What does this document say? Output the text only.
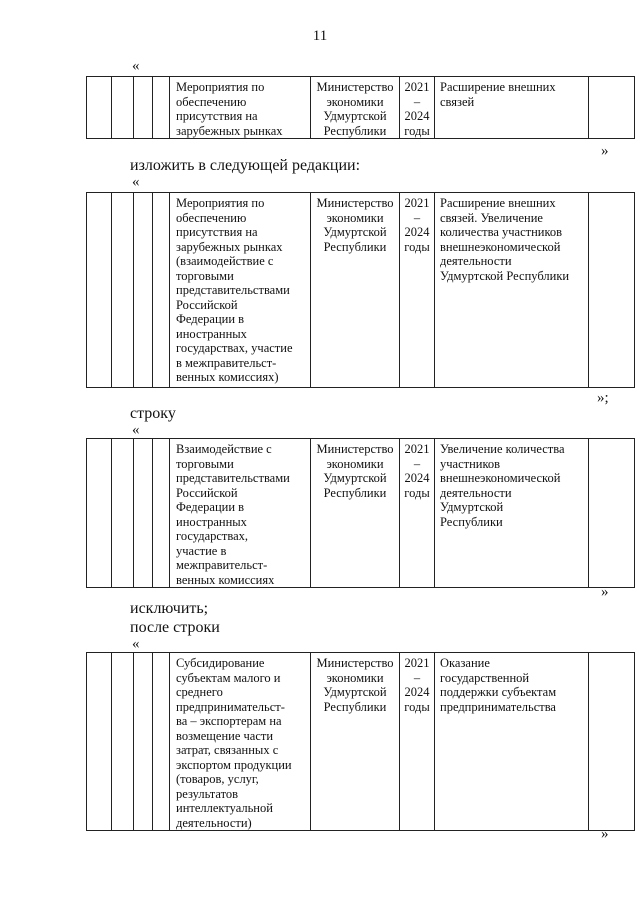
11
«

Мероприятия по
обеспечению
присутствия на
зарубежных рынках

Министерство
экономики
Удмуртской
Республики

2021
–
2024
годы

Расширение внешних
связей

»
изложить в следующей редакции:
«

Мероприятия по
обеспечению
присутствия на
зарубежных рынках
(взаимодействие с
торговыми
представительствами
Российской
Федерации в
иностранных
государствах, участие
в межправительст-
венных комиссиях)

Министерство
экономики
Удмуртской
Республики

2021
–
2024
годы

Расширение внешних
связей. Увеличение
количества участников
внешнеэкономической
деятельности
Удмуртской Республики

»;
строку
«

Взаимодействие с
торговыми
представительствами
Российской
Федерации в
иностранных
государствах,
участие в
межправительст-
венных комиссиях

Министерство
экономики
Удмуртской
Республики

2021
–
2024
годы

Увеличение количества
участников
внешнеэкономической
деятельности
Удмуртской
Республики

»
исключить;
после строки
«

Субсидирование
субъектам малого и
среднего
предпринимательст-
ва – экспортерам на
возмещение части
затрат, связанных с
экспортом продукции
(товаров, услуг,
результатов
интеллектуальной
деятельности)

Министерство
экономики
Удмуртской
Республики

2021
–
2024
годы

Оказание
государственной
поддержки субъектам
предпринимательства

»
